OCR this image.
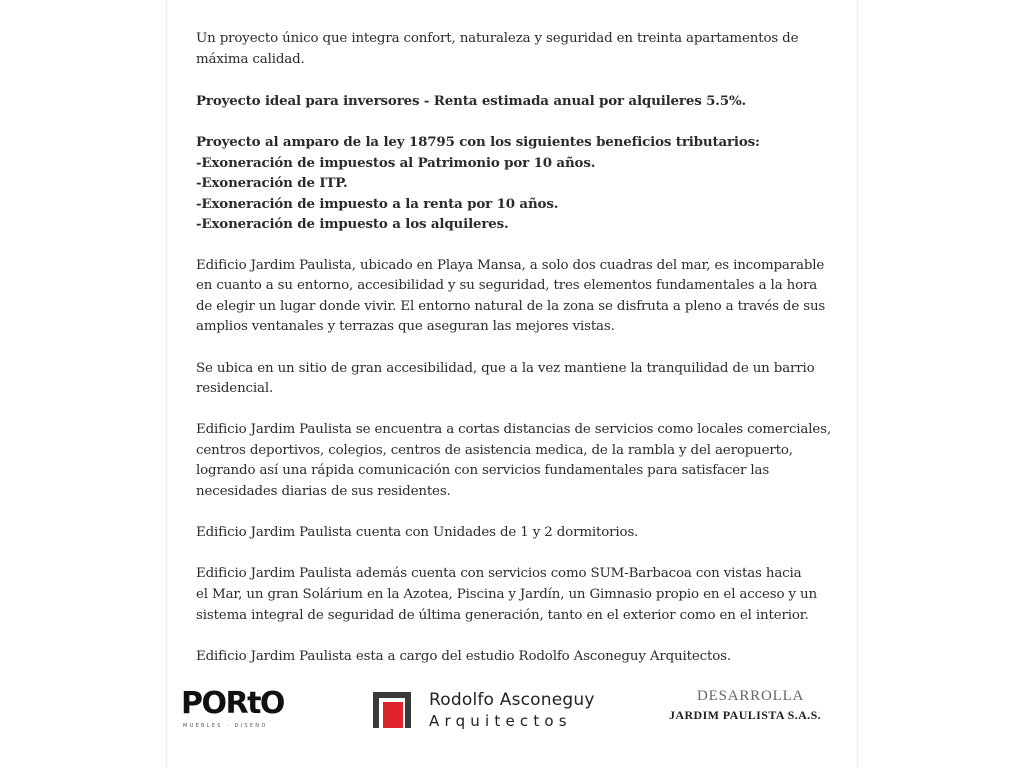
Un proyecto único que integra confort, naturaleza y seguridad en treinta apartamentos de
máxima calidad.

Proyecto ideal para inversores - Renta estimada anual por alquileres 5.5%.

Proyecto al amparo de la ley 18795 con los siguientes beneficios tributarios:
-Exoneración de impuestos al Patrimonio por 10 años.
-Exoneración de ITP.
-Exoneración de impuesto a la renta por 10 años.
-Exoneración de impuesto a los alquileres.

Edificio Jardim Paulista, ubicado en Playa Mansa, a solo dos cuadras del mar, es incomparable
en cuanto a su entorno, accesibilidad y su seguridad, tres elementos fundamentales a la hora
de elegir un lugar donde vivir. El entorno natural de la zona se disfruta a pleno a través de sus
amplios ventanales y terrazas que aseguran las mejores vistas.

Se ubica en un sitio de gran accesibilidad, que a la vez mantiene la tranquilidad de un barrio
residencial.

Edificio Jardim Paulista se encuentra a cortas distancias de servicios como locales comerciales,
centros deportivos, colegios, centros de asistencia medica, de la rambla y del aeropuerto,
logrando así una rápida comunicación con servicios fundamentales para satisfacer las
necesidades diarias de sus residentes.

Edificio Jardim Paulista cuenta con Unidades de 1 y 2 dormitorios.

Edificio Jardim Paulista además cuenta con servicios como SUM-Barbacoa con vistas hacia
el Mar, un gran Solárium en la Azotea, Piscina y Jardín, un Gimnasio propio en el acceso y un
sistema integral de seguridad de última generación, tanto en el exterior como en el interior.

Edificio Jardim Paulista esta a cargo del estudio Rodolfo Asconeguy Arquitectos.

PORtO
MUEBLES · DISEÑO
Rodolfo Asconeguy
Arquitectos
DESARROLLA
JARDIM PAULISTA S.A.S.
